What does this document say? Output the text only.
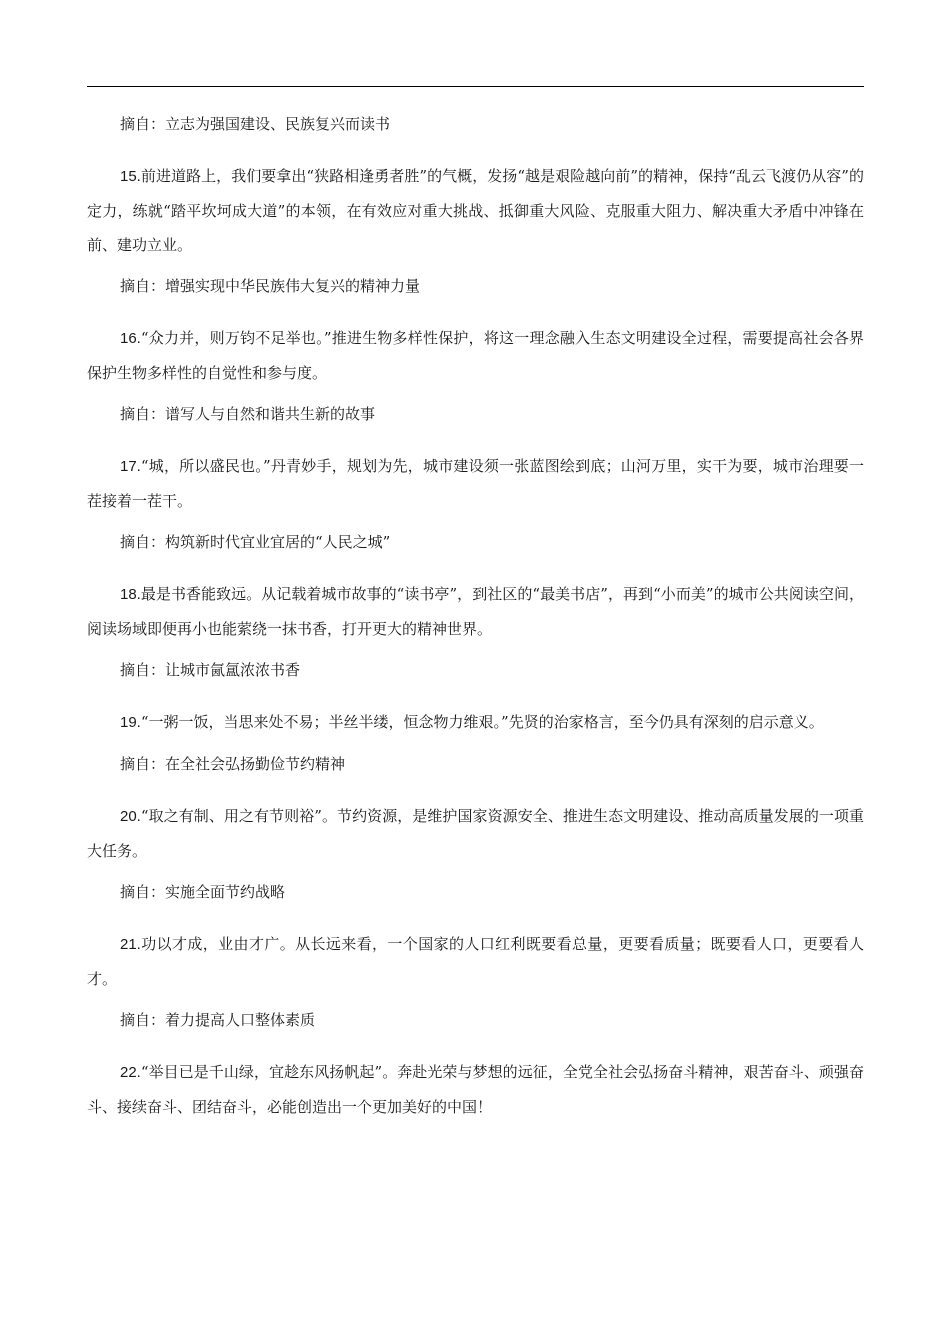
摘自：立志为强国建设、民族复兴而读书

15.前进道路上，我们要拿出“狭路相逢勇者胜”的气概，发扬“越是艰险越向前”的精神，保持“乱云飞渡仍从容”的定力，练就“踏平坎坷成大道”的本领，在有效应对重大挑战、抵御重大风险、克服重大阻力、解决重大矛盾中冲锋在前、建功立业。

摘自：增强实现中华民族伟大复兴的精神力量

16.“众力并，则万钧不足举也。”推进生物多样性保护，将这一理念融入生态文明建设全过程，需要提高社会各界保护生物多样性的自觉性和参与度。

摘自：谱写人与自然和谐共生新的故事

17.“城，所以盛民也。”丹青妙手，规划为先，城市建设须一张蓝图绘到底；山河万里，实干为要，城市治理要一茬接着一茬干。

摘自：构筑新时代宜业宜居的“人民之城”

18.最是书香能致远。从记载着城市故事的“读书亭”，到社区的“最美书店”，再到“小而美”的城市公共阅读空间，阅读场域即便再小也能萦绕一抹书香，打开更大的精神世界。

摘自：让城市氤氲浓浓书香

19.“一粥一饭，当思来处不易；半丝半缕，恒念物力维艰。”先贤的治家格言，至今仍具有深刻的启示意义。

摘自：在全社会弘扬勤俭节约精神

20.“取之有制、用之有节则裕”。节约资源，是维护国家资源安全、推进生态文明建设、推动高质量发展的一项重大任务。

摘自：实施全面节约战略

21.功以才成，业由才广。从长远来看，一个国家的人口红利既要看总量，更要看质量；既要看人口，更要看人才。

摘自：着力提高人口整体素质

22.“举目已是千山绿，宜趁东风扬帆起”。奔赴光荣与梦想的远征，全党全社会弘扬奋斗精神，艰苦奋斗、顽强奋斗、接续奋斗、团结奋斗，必能创造出一个更加美好的中国！
